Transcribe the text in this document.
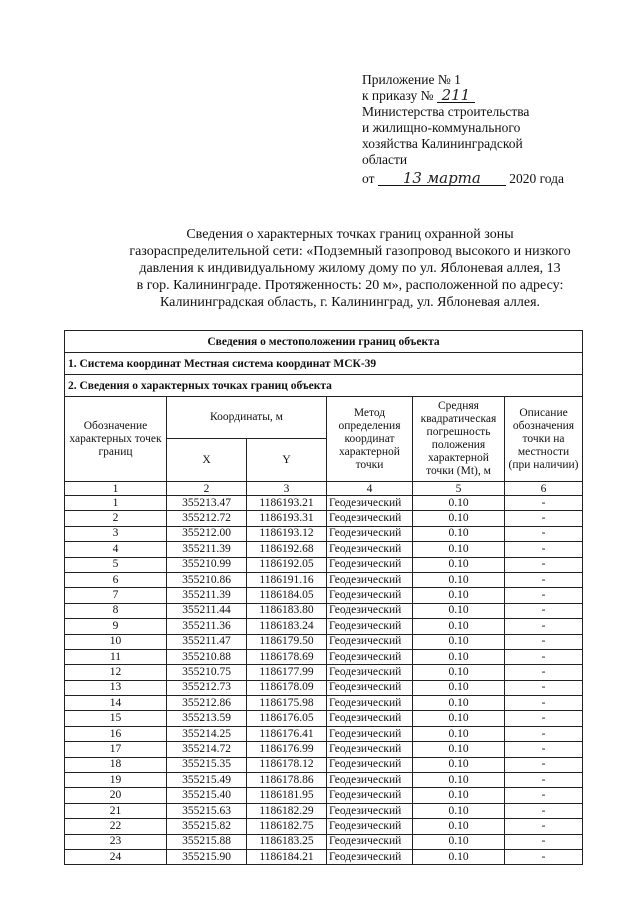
Приложение № 1
к приказу № 211
Министерства строительства
и жилищно-коммунального
хозяйства Калининградской
области
от 13 марта 2020 года
Сведения о характерных точках границ охранной зоны
газораспределительной сети: «Подземный газопровод высокого и низкого
давления к индивидуальному жилому дому по ул. Яблоневая аллея, 13
в гор. Калининграде. Протяженность: 20 м», расположенной по адресу:
Калининградская область, г. Калининград, ул. Яблоневая аллея.
Сведения о местоположении границ объекта					
1. Система координат Местная система координат МСК-39					
2. Сведения о характерных точках границ объекта					
Обозначение характерных точек границ	Координаты, м		Метод определения координат характерной точки	Средняя квадратическая погрешность положения характерной точки (Mt), м	Описание обозначения точки на местности (при наличии)
	X	Y			
1	2	3	4	5	6
1	355213.47	1186193.21	Геодезический	0.10	-
2	355212.72	1186193.31	Геодезический	0.10	-
3	355212.00	1186193.12	Геодезический	0.10	-
4	355211.39	1186192.68	Геодезический	0.10	-
5	355210.99	1186192.05	Геодезический	0.10	-
6	355210.86	1186191.16	Геодезический	0.10	-
7	355211.39	1186184.05	Геодезический	0.10	-
8	355211.44	1186183.80	Геодезический	0.10	-
9	355211.36	1186183.24	Геодезический	0.10	-
10	355211.47	1186179.50	Геодезический	0.10	-
11	355210.88	1186178.69	Геодезический	0.10	-
12	355210.75	1186177.99	Геодезический	0.10	-
13	355212.73	1186178.09	Геодезический	0.10	-
14	355212.86	1186175.98	Геодезический	0.10	-
15	355213.59	1186176.05	Геодезический	0.10	-
16	355214.25	1186176.41	Геодезический	0.10	-
17	355214.72	1186176.99	Геодезический	0.10	-
18	355215.35	1186178.12	Геодезический	0.10	-
19	355215.49	1186178.86	Геодезический	0.10	-
20	355215.40	1186181.95	Геодезический	0.10	-
21	355215.63	1186182.29	Геодезический	0.10	-
22	355215.82	1186182.75	Геодезический	0.10	-
23	355215.88	1186183.25	Геодезический	0.10	-
24	355215.90	1186184.21	Геодезический	0.10	-
